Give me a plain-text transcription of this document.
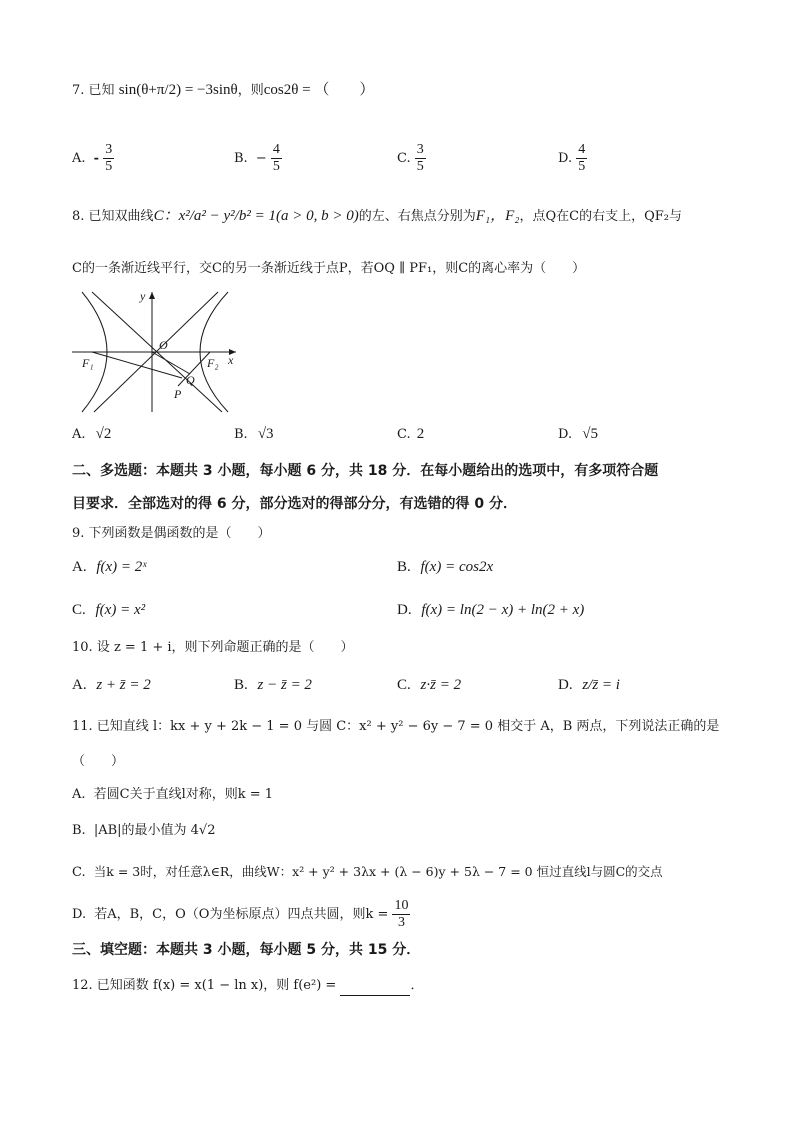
7. 已知 sin(θ+π/2) = −3sinθ，则cos2θ = （　　）
A. - $\frac{3}{5}$	B. − $\frac{4}{5}$	C. $\frac{3}{5}$	D. $\frac{4}{5}$
8. 已知双曲线C：x²/a² − y²/b² = 1(a > 0, b > 0)的左、右焦点分别为F₁，F₂，点Q在C的右支上，QF₂与
C的一条渐近线平行，交C的另一条渐近线于点P，若OQ ∥ PF₁，则C的离心率为（　　）
y
x
O
F₁	F₂
Q
P
A. √2	B. √3	C. 2	D. √5
二、多选题：本题共 3 小题，每小题 6 分，共 18 分．在每小题给出的选项中，有多项符合题
目要求．全部选对的得 6 分，部分选对的得部分分，有选错的得 0 分．
9. 下列函数是偶函数的是（　　）
A. f(x) = 2ˣ	B. f(x) = cos2x
C. f(x) = x²	D. f(x) = ln(2 − x) + ln(2 + x)
10. 设 z = 1 + i，则下列命题正确的是（　　）
A. z + z̄ = 2	B. z − z̄ = 2	C. z·z̄ = 2	D. z/z̄ = i
11. 已知直线 l：kx + y + 2k − 1 = 0 与圆 C：x² + y² − 6y − 7 = 0 相交于 A，B 两点，下列说法正确的是
（　　）
A. 若圆C关于直线l对称，则k = 1
B. |AB|的最小值为 4√2
C. 当k = 3时，对任意λ∈R，曲线W：x² + y² + 3λx + (λ − 6)y + 5λ − 7 = 0 恒过直线l与圆C的交点
D. 若A，B，C，O（O为坐标原点）四点共圆，则$k = \frac{10}{3}$
三、填空题：本题共 3 小题，每小题 5 分，共 15 分．
12. 已知函数 f(x) = x(1 − ln x)，则 f(e²) =	．
